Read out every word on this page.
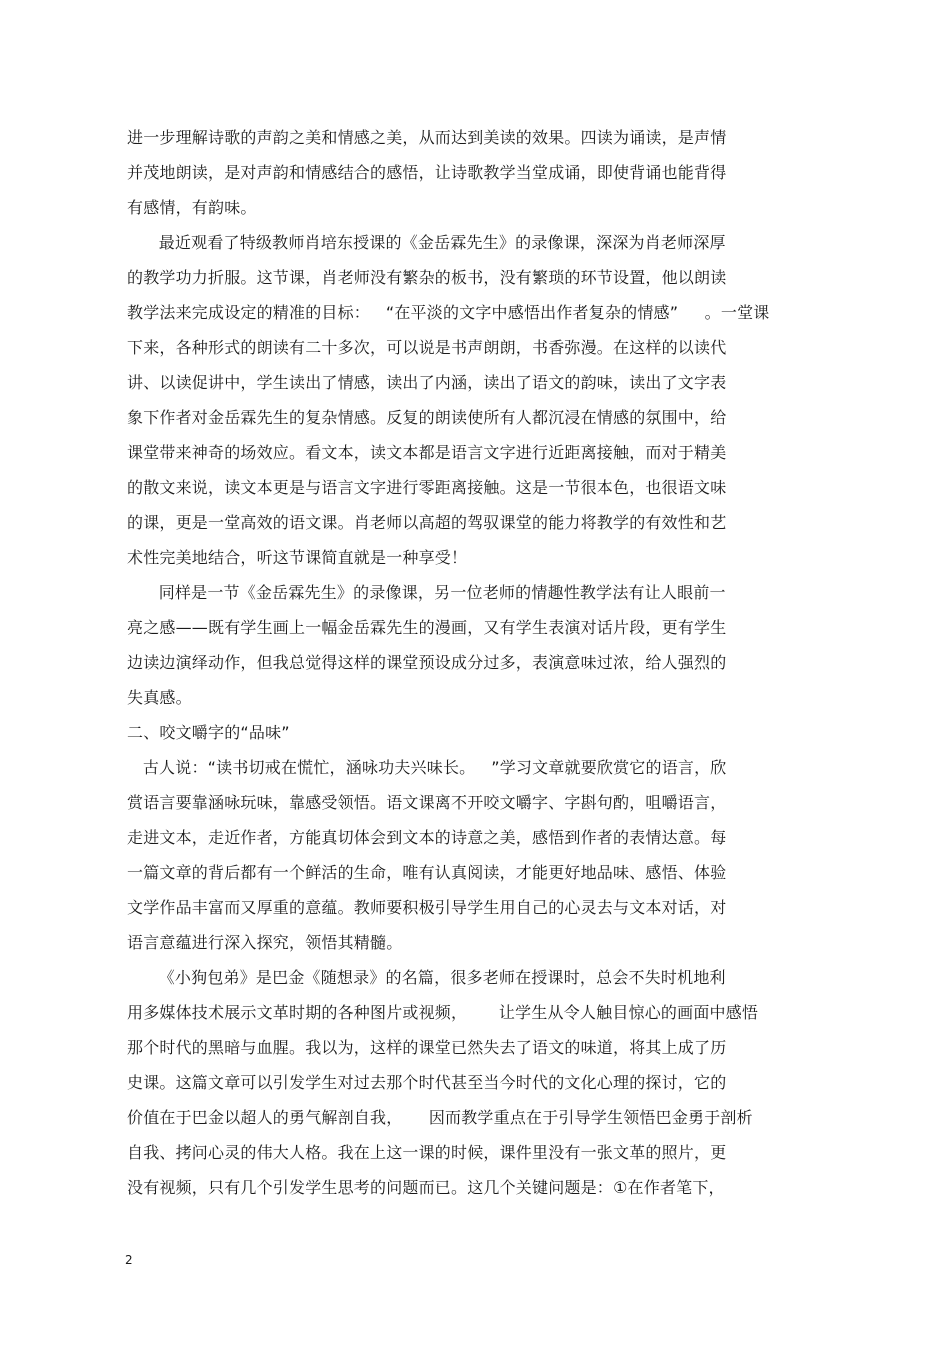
进一步理解诗歌的声韵之美和情感之美，从而达到美读的效果。四读为诵读，是声情
并茂地朗读，是对声韵和情感结合的感悟，让诗歌教学当堂成诵，即使背诵也能背得
有感情，有韵味。
最近观看了特级教师肖培东授课的《金岳霖先生》的录像课，深深为肖老师深厚
的教学功力折服。这节课，肖老师没有繁杂的板书，没有繁琐的环节设置，他以朗读
教学法来完成设定的精准的目标：   “在平淡的文字中感悟出作者复杂的情感”     。一堂课
下来，各种形式的朗读有二十多次，可以说是书声朗朗，书香弥漫。在这样的以读代
讲、以读促讲中，学生读出了情感，读出了内涵，读出了语文的韵味，读出了文字表
象下作者对金岳霖先生的复杂情感。反复的朗读使所有人都沉浸在情感的氛围中，给
课堂带来神奇的场效应。看文本，读文本都是语言文字进行近距离接触，而对于精美
的散文来说，读文本更是与语言文字进行零距离接触。这是一节很本色，也很语文味
的课，更是一堂高效的语文课。肖老师以高超的驾驭课堂的能力将教学的有效性和艺
术性完美地结合，听这节课简直就是一种享受！
同样是一节《金岳霖先生》的录像课，另一位老师的情趣性教学法有让人眼前一
亮之感——既有学生画上一幅金岳霖先生的漫画，又有学生表演对话片段，更有学生
边读边演绎动作，但我总觉得这样的课堂预设成分过多，表演意味过浓，给人强烈的
失真感。
二、咬文嚼字的“品味”
古人说：“读书切戒在慌忙，涵咏功夫兴味长。   ”学习文章就要欣赏它的语言，欣
赏语言要靠涵咏玩味，靠感受领悟。语文课离不开咬文嚼字、字斟句酌，咀嚼语言，
走进文本，走近作者，方能真切体会到文本的诗意之美，感悟到作者的表情达意。每
一篇文章的背后都有一个鲜活的生命，唯有认真阅读，才能更好地品味、感悟、体验
文学作品丰富而又厚重的意蕴。教师要积极引导学生用自己的心灵去与文本对话，对
语言意蕴进行深入探究，领悟其精髓。
《小狗包弟》是巴金《随想录》的名篇，很多老师在授课时，总会不失时机地利
用多媒体技术展示文革时期的各种图片或视频，      让学生从令人触目惊心的画面中感悟
那个时代的黑暗与血腥。我以为，这样的课堂已然失去了语文的味道，将其上成了历
史课。这篇文章可以引发学生对过去那个时代甚至当今时代的文化心理的探讨，它的
价值在于巴金以超人的勇气解剖自我，     因而教学重点在于引导学生领悟巴金勇于剖析
自我、拷问心灵的伟大人格。我在上这一课的时候，课件里没有一张文革的照片，更
没有视频，只有几个引发学生思考的问题而已。这几个关键问题是：①在作者笔下，
2
